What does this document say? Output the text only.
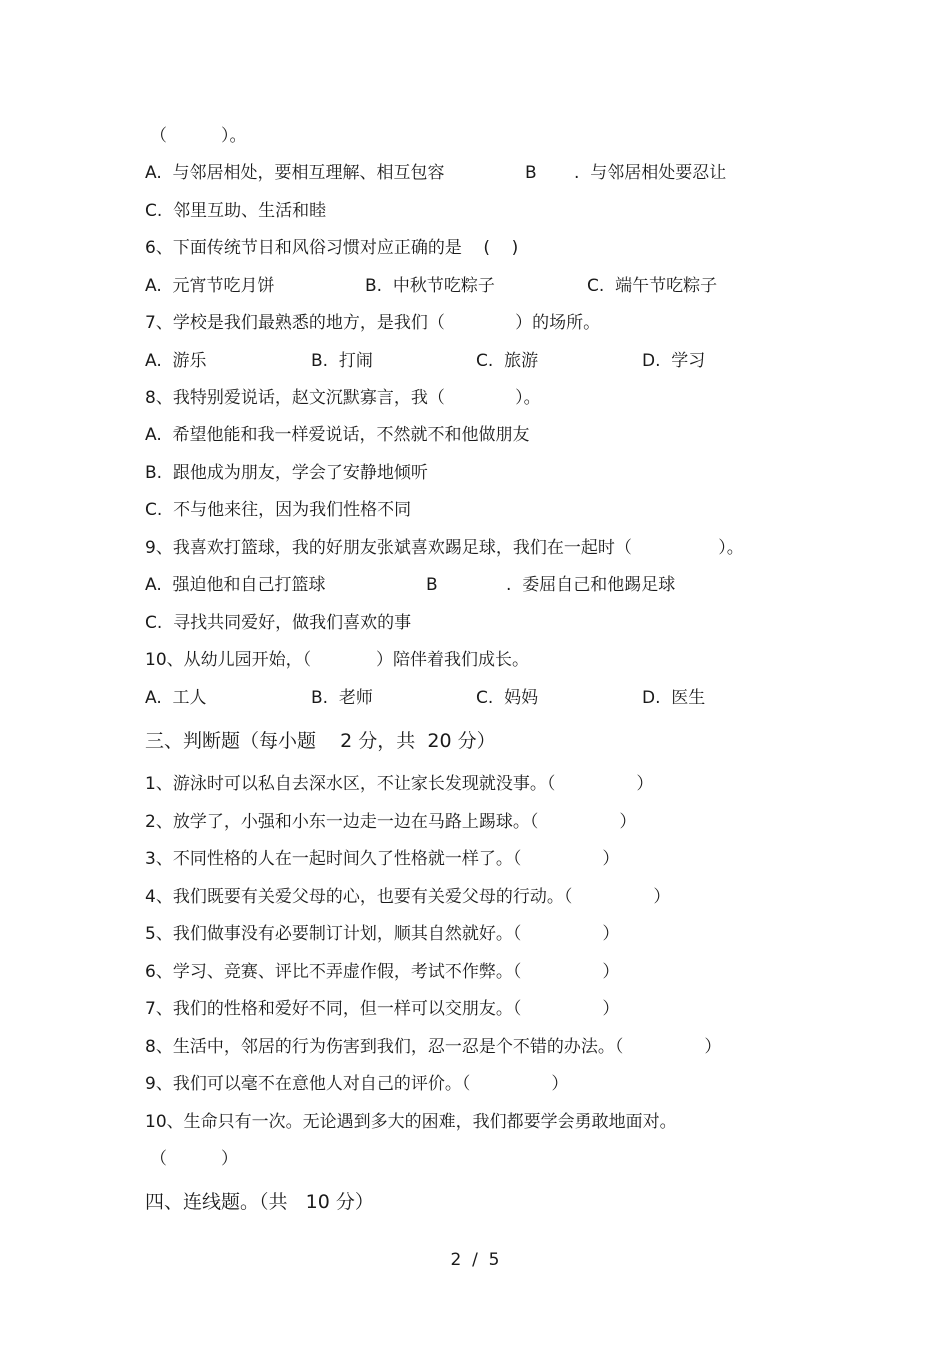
（          ）。
A.  与邻居相处，要相互理解、相互包容	B .  与邻居相处要忍让
C.  邻里互助、生活和睦
6、下面传统节日和风俗习惯对应正确的是    (    )
A.  元宵节吃月饼	B.  中秋节吃粽子	C.  端午节吃粽子
7、学校是我们最熟悉的地方，是我们（             ）的场所。
A.  游乐	B.  打闹	C.  旅游	D.  学习
8、我特别爱说话，赵文沉默寡言，我（             ）。
A.  希望他能和我一样爱说话，不然就不和他做朋友
B.  跟他成为朋友，学会了安静地倾听
C.  不与他来往，因为我们性格不同
9、我喜欢打篮球，我的好朋友张斌喜欢踢足球，我们在一起时（                ）。
A.  强迫他和自己打篮球	B	.  委屈自己和他踢足球
C.  寻找共同爱好，做我们喜欢的事
10、从幼儿园开始，（            ）陪伴着我们成长。
A.  工人	B.  老师	C.  妈妈	D.  医生
三、判断题（每小题    2 分，共  20 分）
1、游泳时可以私自去深水区，不让家长发现就没事。（               ）
2、放学了，小强和小东一边走一边在马路上踢球。（               ）
3、不同性格的人在一起时间久了性格就一样了。（               ）
4、我们既要有关爱父母的心，也要有关爱父母的行动。（               ）
5、我们做事没有必要制订计划，顺其自然就好。（               ）
6、学习、竞赛、评比不弄虚作假，考试不作弊。（               ）
7、我们的性格和爱好不同，但一样可以交朋友。（               ）
8、生活中，邻居的行为伤害到我们，忍一忍是个不错的办法。（               ）
9、我们可以毫不在意他人对自己的评价。（               ）
10、生命只有一次。无论遇到多大的困难，我们都要学会勇敢地面对。
（          ）
四、连线题。（共   10 分）
2  /  5
